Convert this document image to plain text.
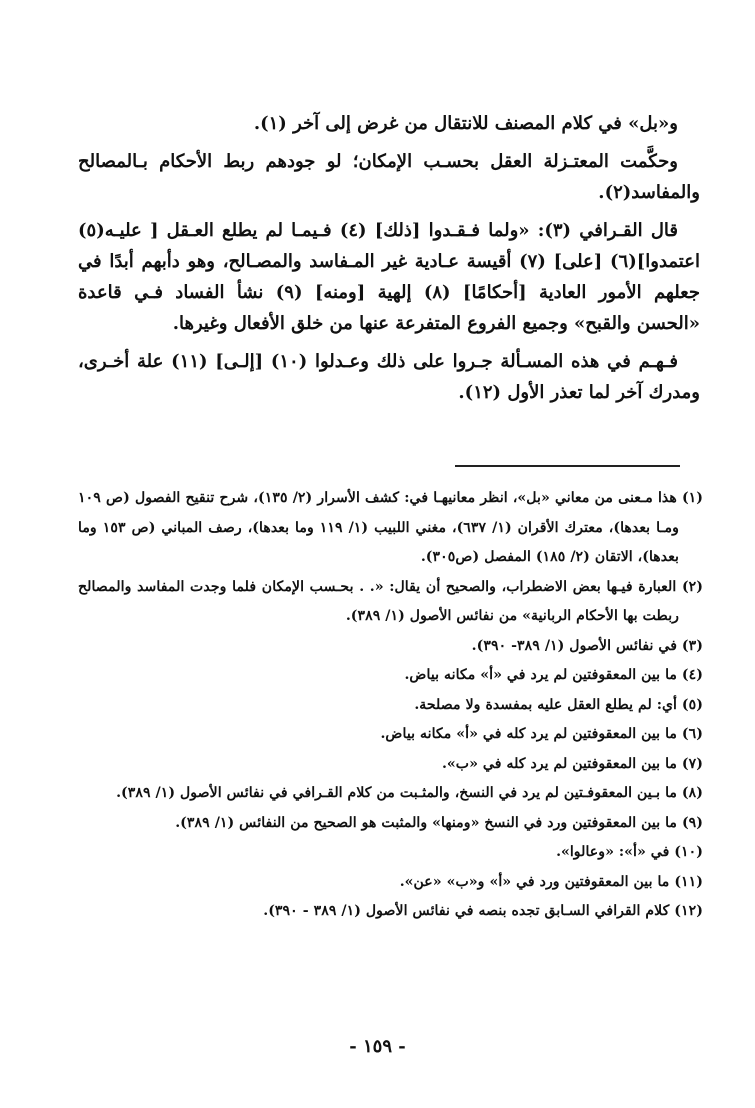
و«بل» في كلام المصنف للانتقال من غرض إلى آخر (١).

وحكَّمت المعتـزلة العقل بحسـب الإمكان؛ لو جودهم ربط الأحكام بـالمصالح والمفاسد(٢).

قال القـرافي (٣): «ولما فـقـدوا [ذلك] (٤) فـيمـا لم يطلع العـقل [ عليـه(٥) اعتمدوا](٦) [على] (٧) أقيسة عـادية غير المـفاسد والمصـالح، وهو دأبهم أبدًا في جعلهم الأمور العادية [أحكامًا] (٨) إلهية [ومنه] (٩) نشأ الفساد فـي قاعدة «الحسن والقبح» وجميع الفروع المتفرعة عنها من خلق الأفعال وغيرها.

فـهـم في هذه المسـألة جـروا على ذلك وعـدلوا (١٠) [إلـى] (١١) علة أخـرى، ومدرك آخر لما تعذر الأول (١٢).

(١) هذا مـعنى من معاني «بل»، انظر معانيهـا في: كشف الأسرار (٢/ ١٣٥)، شرح تنقيح الفصول (ص ١٠٩ ومـا بعدها)، معترك الأقران (١/ ٦٣٧)، مغني اللبيب (١/ ١١٩ وما بعدها)، رصف المباني (ص ١٥٣ وما بعدها)، الاتقان (٢/ ١٨٥) المفصل (ص٣٠٥).

(٢) العبارة فيـها بعض الاضطراب، والصحيح أن يقال: «. . بحـسب الإمكان فلما وجدت المفاسد والمصالح ربطت بها الأحكام الربانية» من نفائس الأصول (١/ ٣٨٩).

(٣) في نفائس الأصول (١/ ٣٨٩- ٣٩٠).

(٤) ما بين المعقوفتين لم يرد في «أ» مكانه بياض.

(٥) أي: لم يطلع العقل عليه بمفسدة ولا مصلحة.

(٦) ما بين المعقوفتين لم يرد كله في «أ» مكانه بياض.

(٧) ما بين المعقوفتين لم يرد كله في «ب».

(٨) ما بـين المعقوفـتين لم يرد في النسخ، والمثـبت من كلام القـرافي في نفائس الأصول (١/ ٣٨٩).

(٩) ما بين المعقوفتين ورد في النسخ «ومنها» والمثبت هو الصحيح من النفائس (١/ ٣٨٩).

(١٠) في «أ»: «وعالوا».

(١١) ما بين المعقوفتين ورد في «أ» و«ب» «عن».

(١٢) كلام القرافي السـابق تجده بنصه في نفائس الأصول (١/ ٣٨٩ - ٣٩٠).

- ١٥٩ -
